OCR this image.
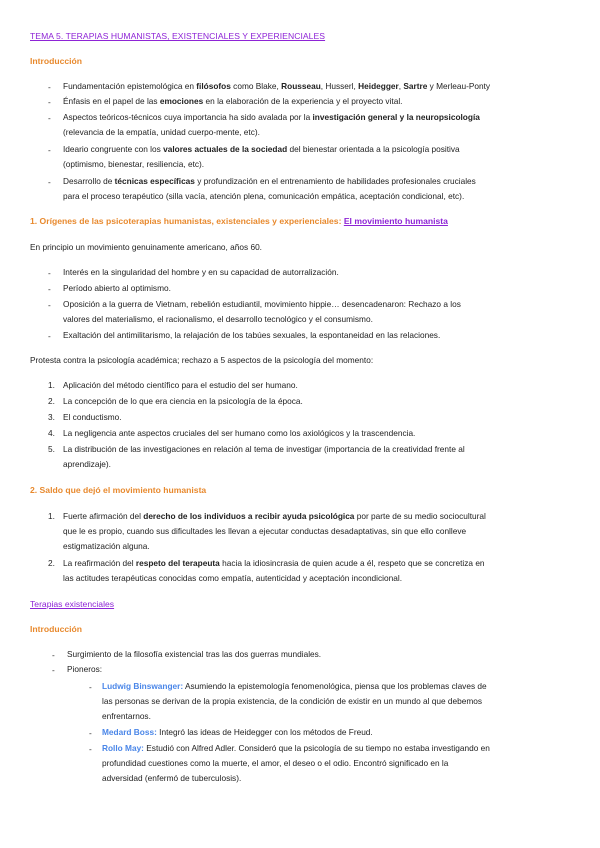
TEMA 5. TERAPIAS HUMANISTAS, EXISTENCIALES Y EXPERIENCIALES
Introducción
- Fundamentación epistemológica en filósofos como Blake, Rousseau, Husserl, Heidegger, Sartre y Merleau-Ponty
- Énfasis en el papel de las emociones en la elaboración de la experiencia y el proyecto vital.
- Aspectos teóricos-técnicos cuya importancia ha sido avalada por la investigación general y la neuropsicología
(relevancia de la empatía, unidad cuerpo-mente, etc).
- Ideario congruente con los valores actuales de la sociedad del bienestar orientada a la psicología positiva
(optimismo, bienestar, resiliencia, etc).
- Desarrollo de técnicas específicas y profundización en el entrenamiento de habilidades profesionales cruciales
para el proceso terapéutico (silla vacía, atención plena, comunicación empática, aceptación condicional, etc).
1. Orígenes de las psicoterapias humanistas, existenciales y experienciales: El movimiento humanista
En principio un movimiento genuinamente americano, años 60.
- Interés en la singularidad del hombre y en su capacidad de autorralización.
- Período abierto al optimismo.
- Oposición a la guerra de Vietnam, rebelión estudiantil, movimiento hippie… desencadenaron: Rechazo a los
valores del materialismo, el racionalismo, el desarrollo tecnológico y el consumismo.
- Exaltación del antimilitarismo, la relajación de los tabúes sexuales, la espontaneidad en las relaciones.
Protesta contra la psicología académica; rechazo a 5 aspectos de la psicología del momento:
1. Aplicación del método científico para el estudio del ser humano.
2. La concepción de lo que era ciencia en la psicología de la época.
3. El conductismo.
4. La negligencia ante aspectos cruciales del ser humano como los axiológicos y la trascendencia.
5. La distribución de las investigaciones en relación al tema de investigar (importancia de la creatividad frente al
aprendizaje).
2. Saldo que dejó el movimiento humanista
1. Fuerte afirmación del derecho de los individuos a recibir ayuda psicológica por parte de su medio sociocultural
que le es propio, cuando sus dificultades les llevan a ejecutar conductas desadaptativas, sin que ello conlleve
estigmatización alguna.
2. La reafirmación del respeto del terapeuta hacia la idiosincrasia de quien acude a él, respeto que se concretiza en
las actitudes terapéuticas conocidas como empatía, autenticidad y aceptación incondicional.
Terapias existenciales
Introducción
- Surgimiento de la filosofía existencial tras las dos guerras mundiales.
- Pioneros:
- Ludwig Binswanger: Asumiendo la epistemología fenomenológica, piensa que los problemas claves de
las personas se derivan de la propia existencia, de la condición de existir en un mundo al que debemos
enfrentarnos.
- Medard Boss: Integró las ideas de Heidegger con los métodos de Freud.
- Rollo May: Estudió con Alfred Adler. Consideró que la psicología de su tiempo no estaba investigando en
profundidad cuestiones como la muerte, el amor, el deseo o el odio. Encontró significado en la
adversidad (enfermó de tuberculosis).
